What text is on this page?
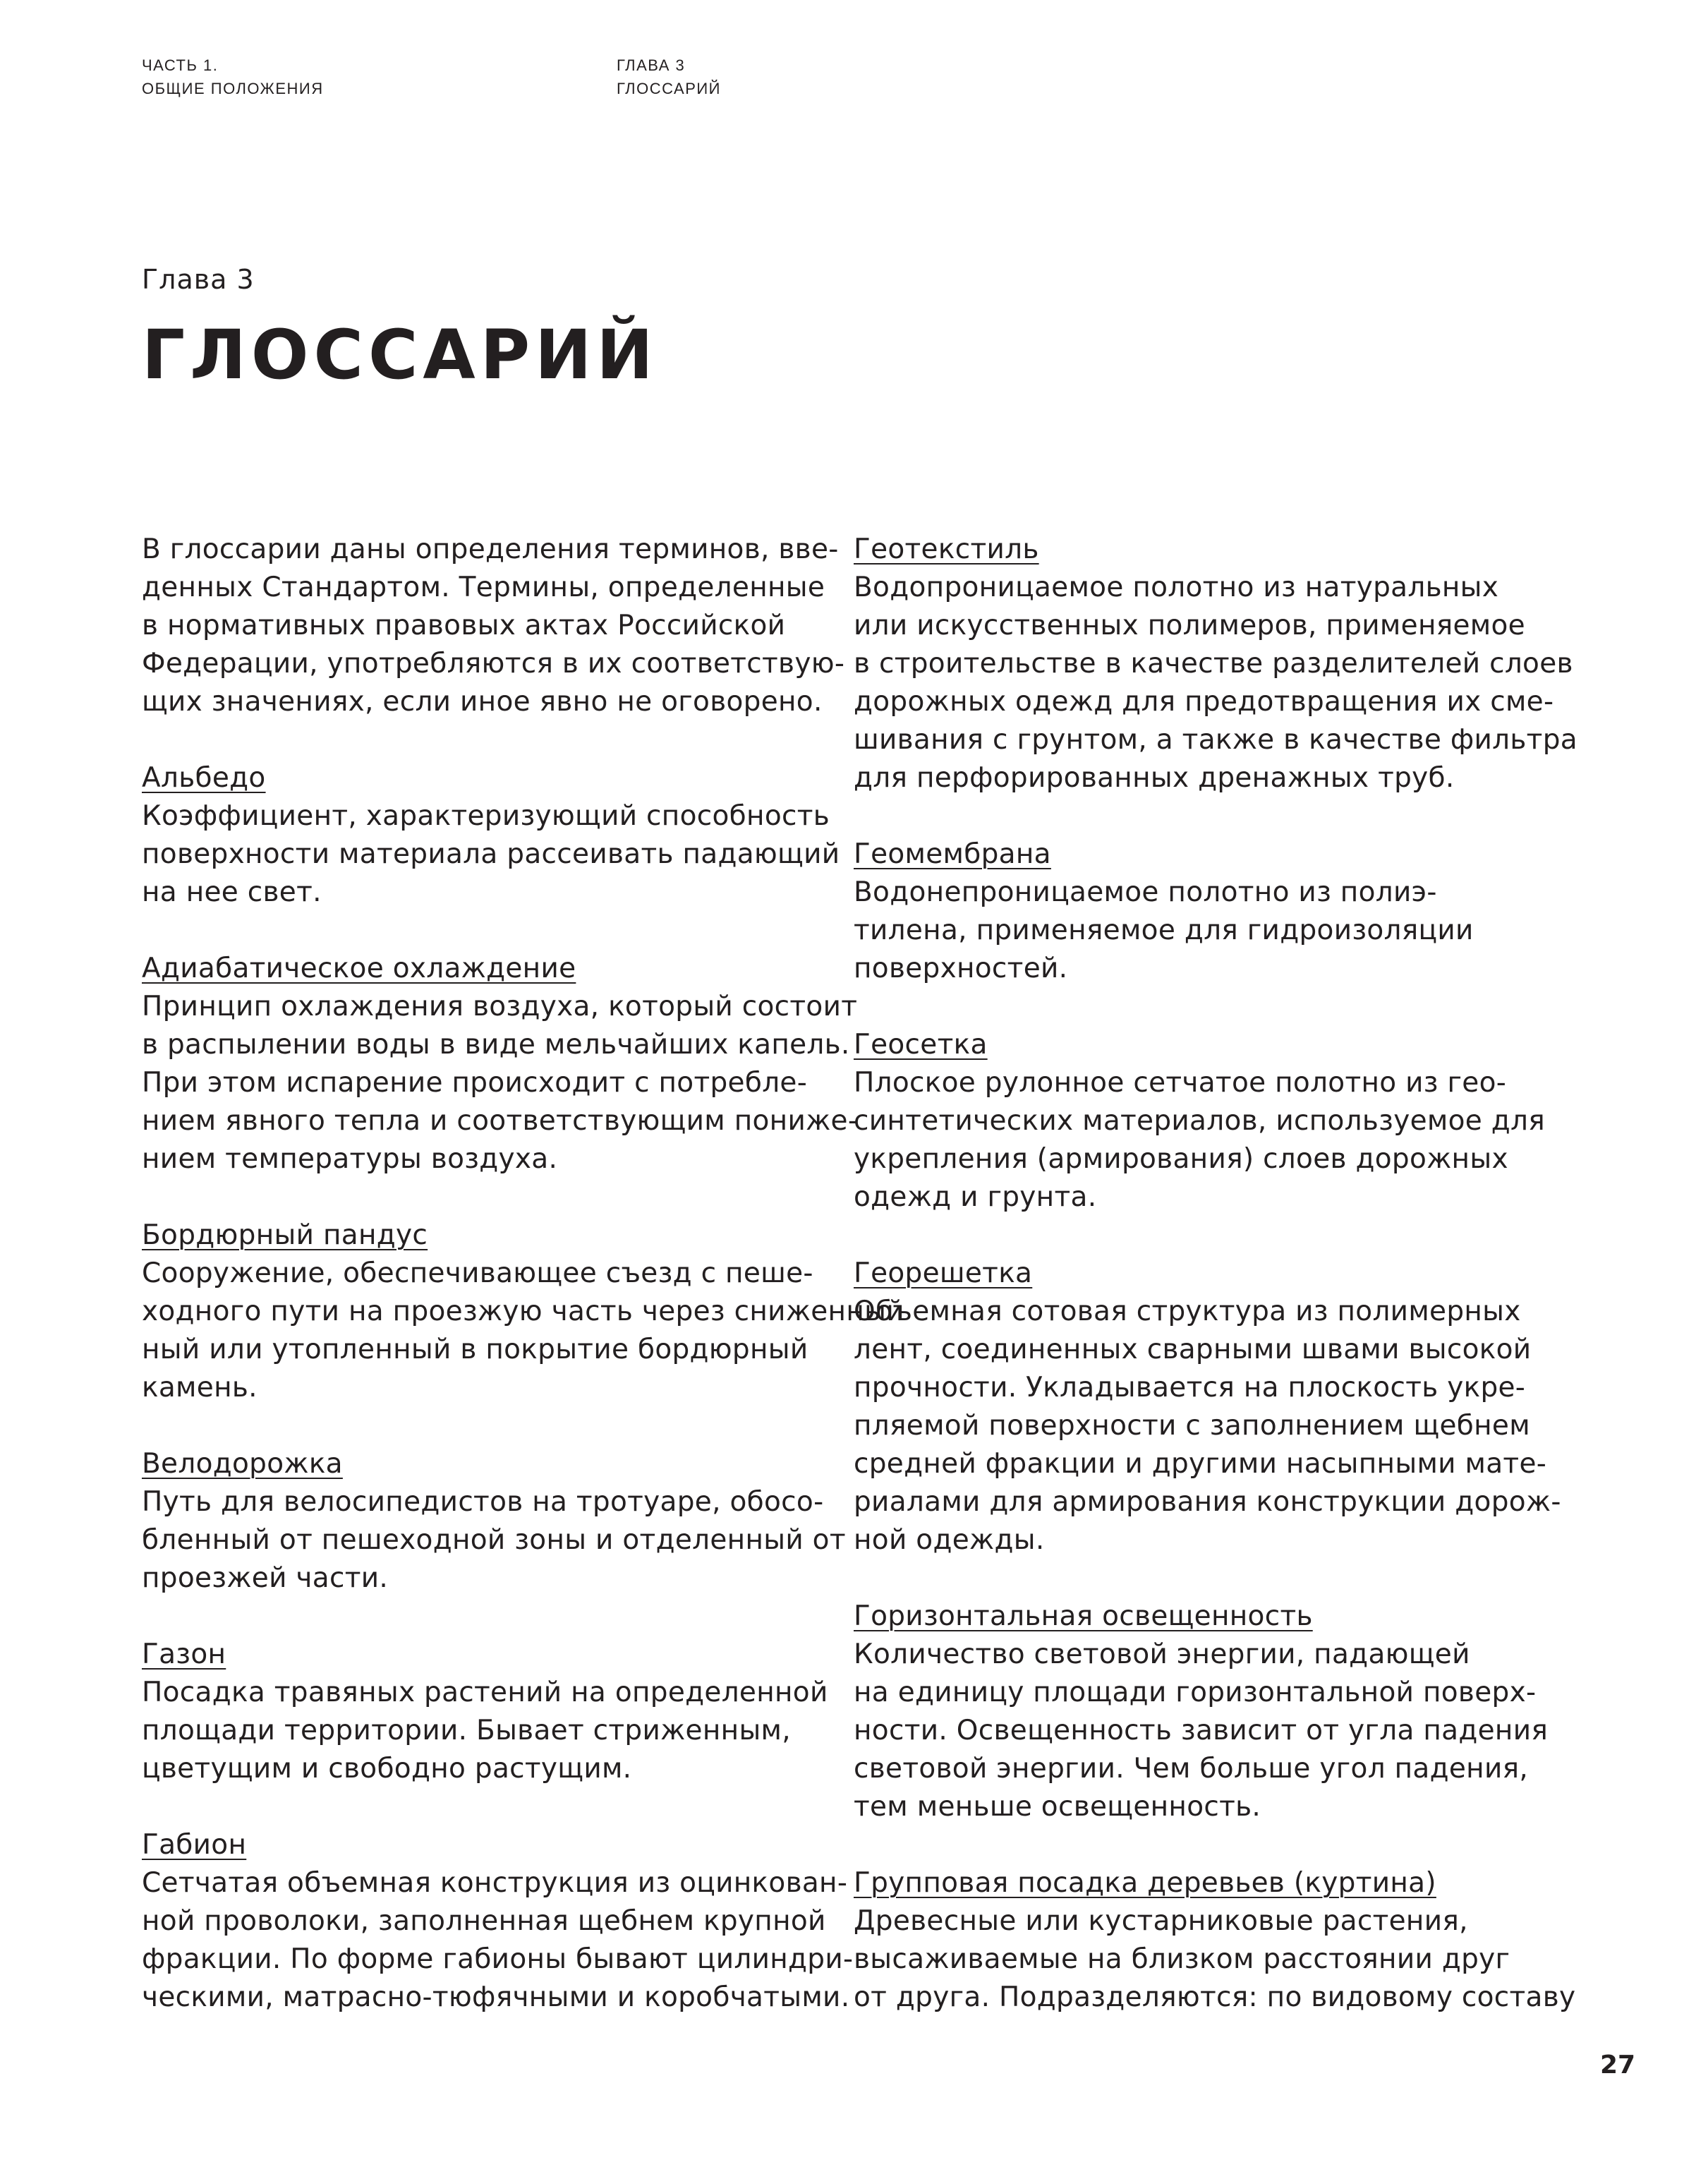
ЧАСТЬ 1.
ОБЩИЕ ПОЛОЖЕНИЯ
ГЛАВА 3
ГЛОССАРИЙ
Глава 3
ГЛОССАРИЙ
В глоссарии даны определения терминов, вве-
денных Стандартом. Термины, определенные
в нормативных правовых актах Российской
Федерации, употребляются в их соответствую-
щих значениях, если иное явно не оговорено.
Альбедо
Коэффициент, характеризующий способность
поверхности материала рассеивать падающий
на нее свет.
Адиабатическое охлаждение
Принцип охлаждения воздуха, который состоит
в распылении воды в виде мельчайших капель.
При этом испарение происходит с потребле-
нием явного тепла и соответствующим пониже-
нием температуры воздуха.
Бордюрный пандус
Сооружение, обеспечивающее съезд с пеше-
ходного пути на проезжую часть через сниженный
ный или утопленный в покрытие бордюрный
камень.
Велодорожка
Путь для велосипедистов на тротуаре, обосо-
бленный от пешеходной зоны и отделенный от
проезжей части.
Газон
Посадка травяных растений на определенной
площади территории. Бывает стриженным,
цветущим и свободно растущим.
Габион
Сетчатая объемная конструкция из оцинкован-
ной проволоки, заполненная щебнем крупной
фракции. По форме габионы бывают цилиндри-
ческими, матрасно-тюфячными и коробчатыми.
Геотекстиль
Водопроницаемое полотно из натуральных
или искусственных полимеров, применяемое
в строительстве в качестве разделителей слоев
дорожных одежд для предотвращения их сме-
шивания с грунтом, а также в качестве фильтра
для перфорированных дренажных труб.
Геомембрана
Водонепроницаемое полотно из полиэ-
тилена, применяемое для гидроизоляции
поверхностей.
Геосетка
Плоское рулонное сетчатое полотно из гео-
синтетических материалов, используемое для
укрепления (армирования) слоев дорожных
одежд и грунта.
Георешетка
Объемная сотовая структура из полимерных
лент, соединенных сварными швами высокой
прочности. Укладывается на плоскость укре-
пляемой поверхности с заполнением щебнем
средней фракции и другими насыпными мате-
риалами для армирования конструкции дорож-
ной одежды.
Горизонтальная освещенность
Количество световой энергии, падающей
на единицу площади горизонтальной поверх-
ности. Освещенность зависит от угла падения
световой энергии. Чем больше угол падения,
тем меньше освещенность.
Групповая посадка деревьев (куртина)
Древесные или кустарниковые растения,
высаживаемые на близком расстоянии друг
от друга. Подразделяются: по видовому составу
27
